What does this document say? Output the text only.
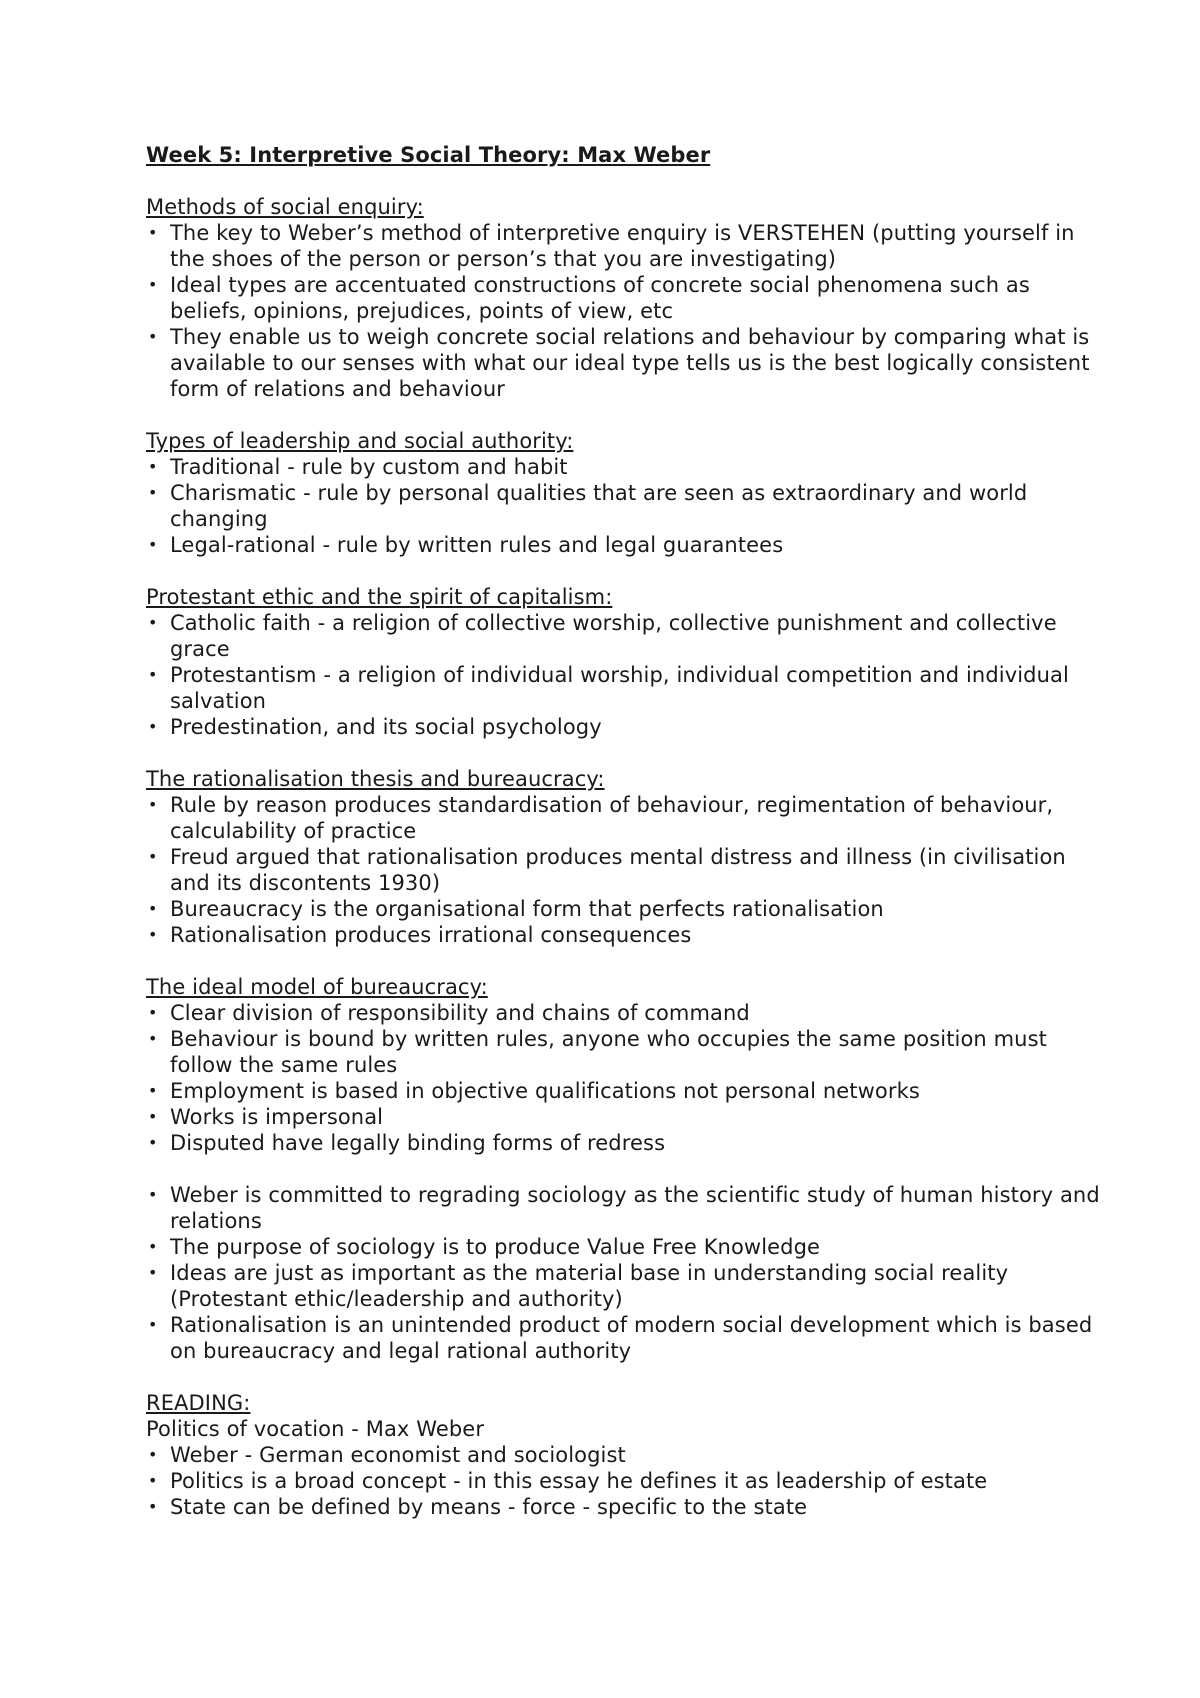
Week 5: Interpretive Social Theory: Max Weber

Methods of social enquiry:

• The key to Weber’s method of interpretive enquiry is VERSTEHEN (putting yourself in the shoes of the person or person’s that you are investigating)
• Ideal types are accentuated constructions of concrete social phenomena such as beliefs, opinions, prejudices, points of view, etc
• They enable us to weigh concrete social relations and behaviour by comparing what is available to our senses with what our ideal type tells us is the best logically consistent form of relations and behaviour

Types of leadership and social authority:

• Traditional - rule by custom and habit
• Charismatic - rule by personal qualities that are seen as extraordinary and world changing
• Legal-rational - rule by written rules and legal guarantees

Protestant ethic and the spirit of capitalism:

• Catholic faith - a religion of collective worship, collective punishment and collective grace
• Protestantism - a religion of individual worship, individual competition and individual salvation
• Predestination, and its social psychology

The rationalisation thesis and bureaucracy:

• Rule by reason produces standardisation of behaviour, regimentation of behaviour, calculability of practice
• Freud argued that rationalisation produces mental distress and illness (in civilisation and its discontents 1930)
• Bureaucracy is the organisational form that perfects rationalisation
• Rationalisation produces irrational consequences

The ideal model of bureaucracy:

• Clear division of responsibility and chains of command
• Behaviour is bound by written rules, anyone who occupies the same position must follow the same rules
• Employment is based in objective qualifications not personal networks
• Works is impersonal
• Disputed have legally binding forms of redress
• Weber is committed to regrading sociology as the scientific study of human history and relations
• The purpose of sociology is to produce Value Free Knowledge
• Ideas are just as important as the material base in understanding social reality (Protestant ethic/leadership and authority)
• Rationalisation is an unintended product of modern social development which is based on bureaucracy and legal rational authority

READING:

Politics of vocation - Max Weber

• Weber - German economist and sociologist
• Politics is a broad concept - in this essay he defines it as leadership of estate
• State can be defined by means - force - specific to the state
